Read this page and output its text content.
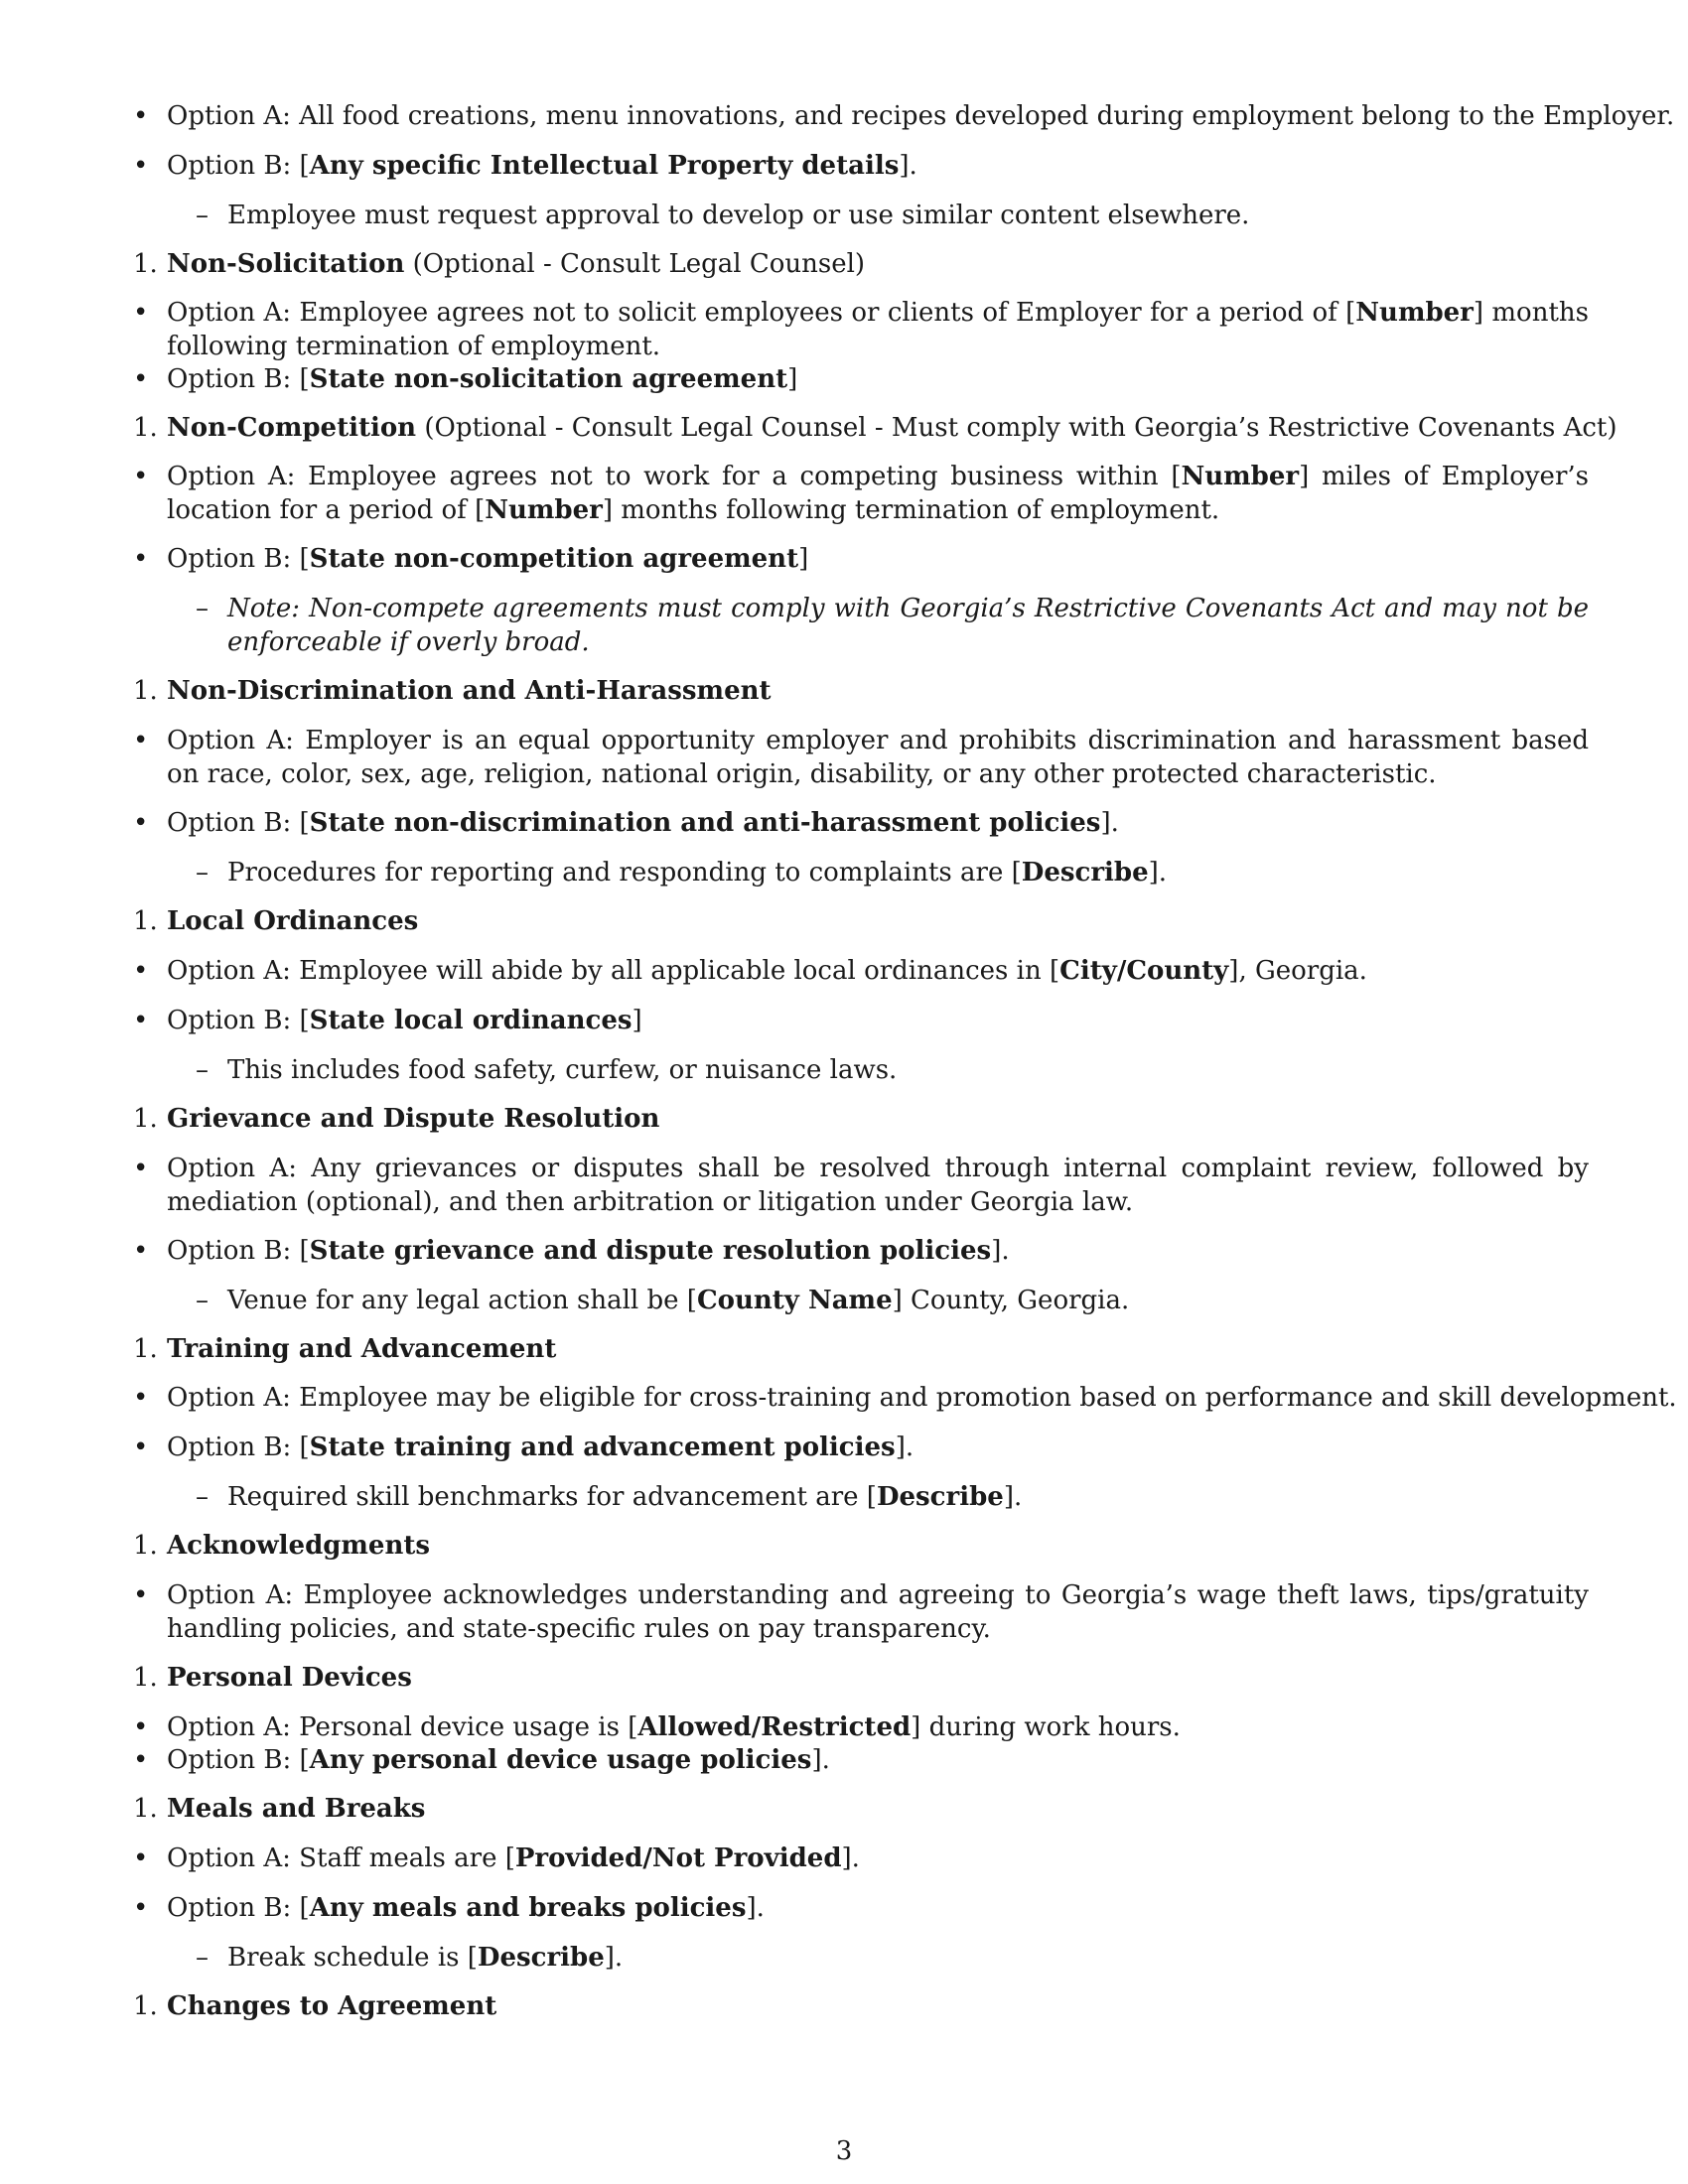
• Option A: All food creations, menu innovations, and recipes developed during employment belong to the Employer.
• Option B: [Any specific Intellectual Property details].
– Employee must request approval to develop or use similar content elsewhere.
1. Non-Solicitation (Optional - Consult Legal Counsel)
• Option A: Employee agrees not to solicit employees or clients of Employer for a period of [Number] months following termination of employment.
• Option B: [State non-solicitation agreement]
1. Non-Competition (Optional - Consult Legal Counsel - Must comply with Georgia’s Restrictive Covenants Act)
• Option A: Employee agrees not to work for a competing business within [Number] miles of Employer’s location for a period of [Number] months following termination of employment.
• Option B: [State non-competition agreement]
– Note: Non-compete agreements must comply with Georgia’s Restrictive Covenants Act and may not be enforceable if overly broad.
1. Non-Discrimination and Anti-Harassment
• Option A: Employer is an equal opportunity employer and prohibits discrimination and harassment based on race, color, sex, age, religion, national origin, disability, or any other protected characteristic.
• Option B: [State non-discrimination and anti-harassment policies].
– Procedures for reporting and responding to complaints are [Describe].
1. Local Ordinances
• Option A: Employee will abide by all applicable local ordinances in [City/County], Georgia.
• Option B: [State local ordinances]
– This includes food safety, curfew, or nuisance laws.
1. Grievance and Dispute Resolution
• Option A: Any grievances or disputes shall be resolved through internal complaint review, followed by mediation (optional), and then arbitration or litigation under Georgia law.
• Option B: [State grievance and dispute resolution policies].
– Venue for any legal action shall be [County Name] County, Georgia.
1. Training and Advancement
• Option A: Employee may be eligible for cross-training and promotion based on performance and skill development.
• Option B: [State training and advancement policies].
– Required skill benchmarks for advancement are [Describe].
1. Acknowledgments
• Option A: Employee acknowledges understanding and agreeing to Georgia’s wage theft laws, tips/gratuity handling policies, and state-specific rules on pay transparency.
1. Personal Devices
• Option A: Personal device usage is [Allowed/Restricted] during work hours.
• Option B: [Any personal device usage policies].
1. Meals and Breaks
• Option A: Staff meals are [Provided/Not Provided].
• Option B: [Any meals and breaks policies].
– Break schedule is [Describe].
1. Changes to Agreement
3
